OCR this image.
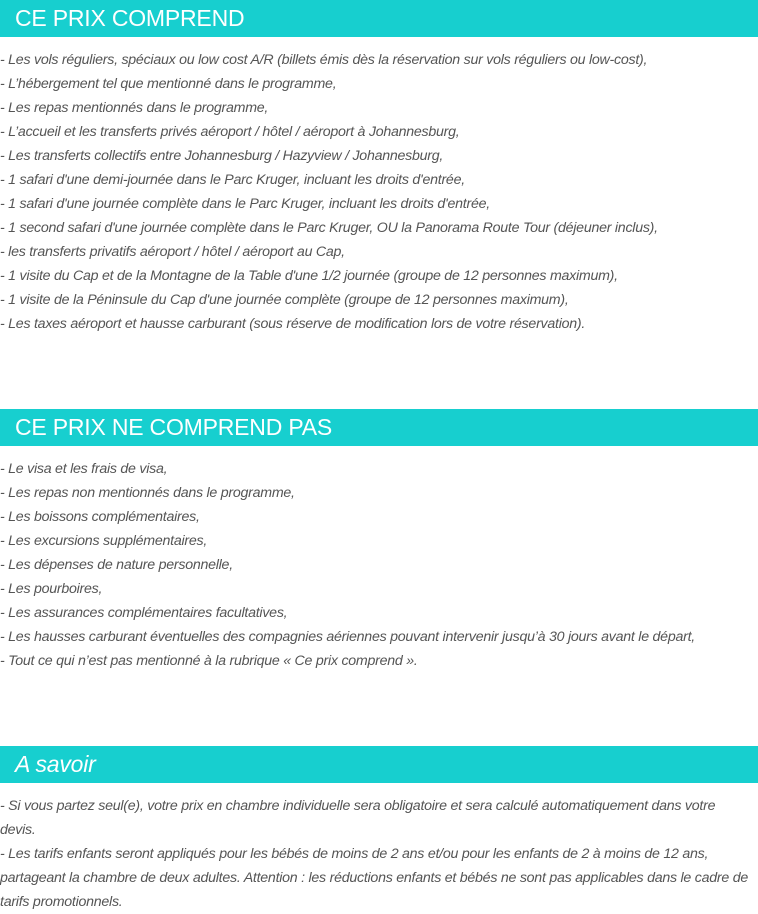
CE PRIX COMPREND
- Les vols réguliers, spéciaux ou low cost A/R (billets émis dès la réservation sur vols réguliers ou low-cost),
- L’hébergement tel que mentionné dans le programme,
- Les repas mentionnés dans le programme,
- L’accueil et les transferts privés aéroport / hôtel / aéroport à Johannesburg,
- Les transferts collectifs entre Johannesburg / Hazyview / Johannesburg,
- 1 safari d'une demi-journée dans le Parc Kruger, incluant les droits d'entrée,
- 1 safari d'une journée complète dans le Parc Kruger, incluant les droits d'entrée,
- 1 second safari d'une journée complète dans le Parc Kruger, OU la Panorama Route Tour (déjeuner inclus),
- les transferts privatifs aéroport / hôtel / aéroport au Cap,
- 1 visite du Cap et de la Montagne de la Table d'une 1/2 journée (groupe de 12 personnes maximum),
- 1 visite de la Péninsule du Cap d'une journée complète (groupe de 12 personnes maximum),
- Les taxes aéroport et hausse carburant (sous réserve de modification lors de votre réservation).
CE PRIX NE COMPREND PAS
- Le visa et les frais de visa,
- Les repas non mentionnés dans le programme,
- Les boissons complémentaires,
- Les excursions supplémentaires,
- Les dépenses de nature personnelle,
- Les pourboires,
- Les assurances complémentaires facultatives,
- Les hausses carburant éventuelles des compagnies aériennes pouvant intervenir jusqu’à 30 jours avant le départ,
- Tout ce qui n’est pas mentionné à la rubrique « Ce prix comprend ».
A savoir
- Si vous partez seul(e), votre prix en chambre individuelle sera obligatoire et sera calculé automatiquement dans votre devis.
- Les tarifs enfants seront appliqués pour les bébés de moins de 2 ans et/ou pour les enfants de 2 à moins de 12 ans, partageant la chambre de deux adultes. Attention : les réductions enfants et bébés ne sont pas applicables dans le cadre de tarifs promotionnels.
